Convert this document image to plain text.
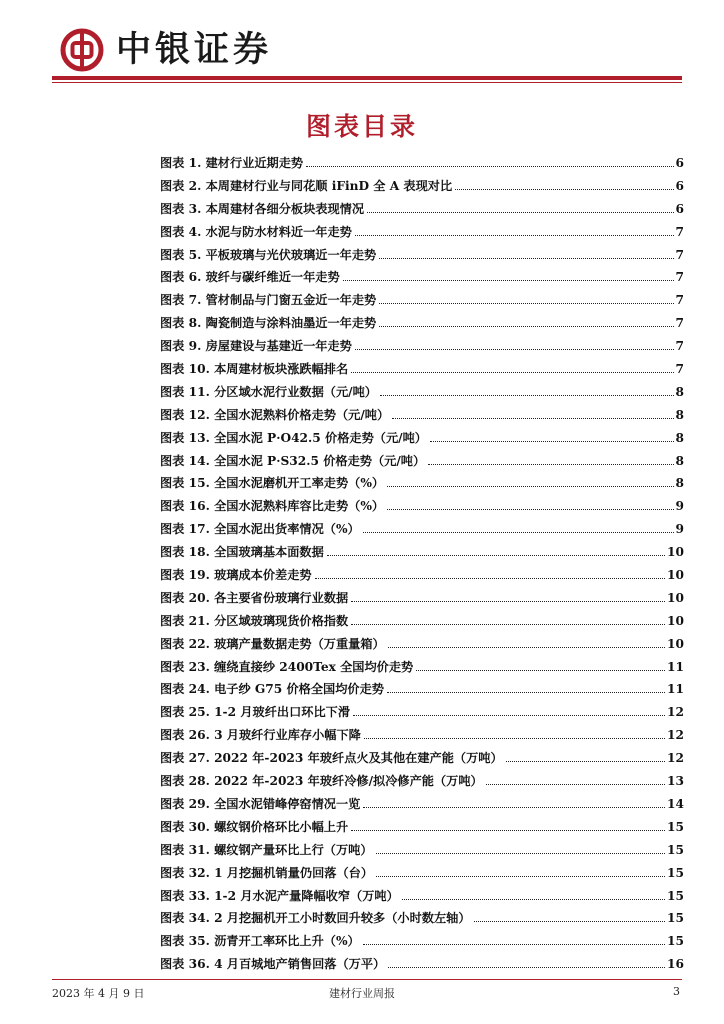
中银证券
图表目录
图表 1. 建材行业近期走势	6
图表 2. 本周建材行业与同花顺 iFinD 全 A 表现对比	6
图表 3. 本周建材各细分板块表现情况	6
图表 4. 水泥与防水材料近一年走势	7
图表 5. 平板玻璃与光伏玻璃近一年走势	7
图表 6. 玻纤与碳纤维近一年走势	7
图表 7. 管材制品与门窗五金近一年走势	7
图表 8. 陶瓷制造与涂料油墨近一年走势	7
图表 9. 房屋建设与基建近一年走势	7
图表 10. 本周建材板块涨跌幅排名	7
图表 11. 分区域水泥行业数据（元/吨）	8
图表 12. 全国水泥熟料价格走势（元/吨）	8
图表 13. 全国水泥 P·O42.5 价格走势（元/吨）	8
图表 14. 全国水泥 P·S32.5 价格走势（元/吨）	8
图表 15. 全国水泥磨机开工率走势（%）	8
图表 16. 全国水泥熟料库容比走势（%）	9
图表 17. 全国水泥出货率情况（%）	9
图表 18. 全国玻璃基本面数据	10
图表 19. 玻璃成本价差走势	10
图表 20. 各主要省份玻璃行业数据	10
图表 21. 分区域玻璃现货价格指数	10
图表 22. 玻璃产量数据走势（万重量箱）	10
图表 23. 缠绕直接纱 2400Tex 全国均价走势	11
图表 24. 电子纱 G75 价格全国均价走势	11
图表 25. 1-2 月玻纤出口环比下滑	12
图表 26. 3 月玻纤行业库存小幅下降	12
图表 27. 2022 年-2023 年玻纤点火及其他在建产能（万吨）	12
图表 28. 2022 年-2023 年玻纤冷修/拟冷修产能（万吨）	13
图表 29. 全国水泥错峰停窑情况一览	14
图表 30. 螺纹钢价格环比小幅上升	15
图表 31. 螺纹钢产量环比上行（万吨）	15
图表 32. 1 月挖掘机销量仍回落（台）	15
图表 33. 1-2 月水泥产量降幅收窄（万吨）	15
图表 34. 2 月挖掘机开工小时数回升较多（小时数左轴）	15
图表 35. 沥青开工率环比上升（%）	15
图表 36. 4 月百城地产销售回落（万平）	16
2023 年 4 月 9 日	建材行业周报	3
